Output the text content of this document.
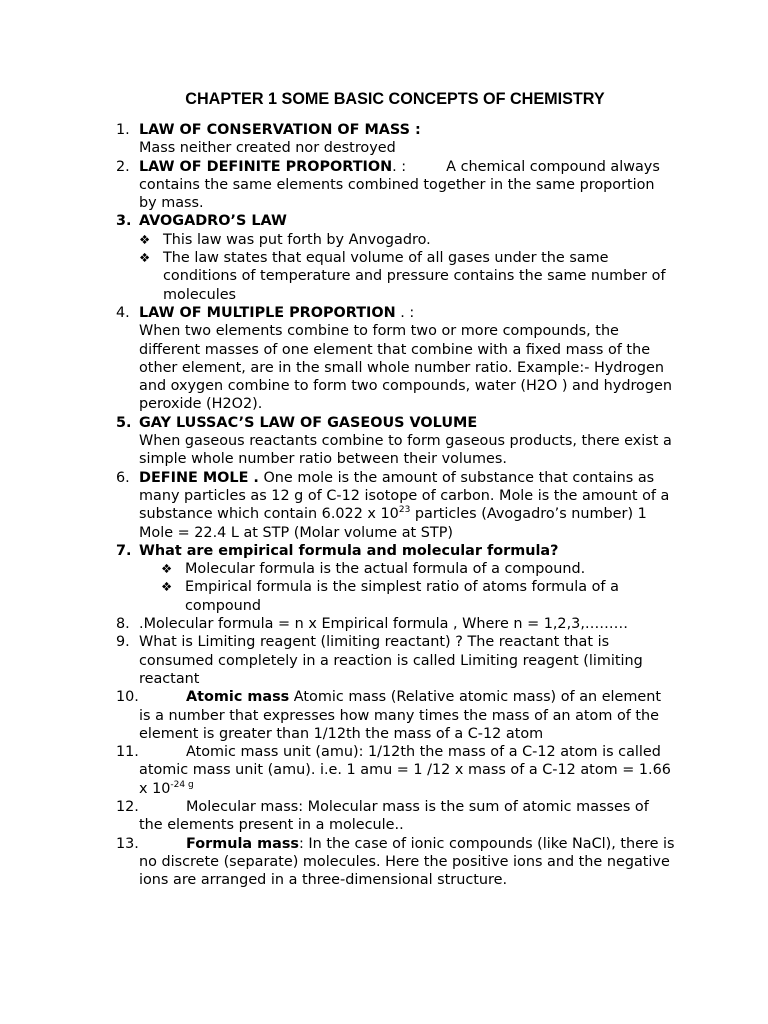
CHAPTER 1 SOME BASIC CONCEPTS OF CHEMISTRY
1. LAW OF CONSERVATION OF MASS :
Mass neither created nor destroyed
2. LAW OF DEFINITE PROPORTION. :	A chemical compound always contains the same elements combined together in the same proportion by mass.
3. AVOGADRO’S LAW
❖ This law was put forth by Anvogadro.
❖ The law states that equal volume of all gases under the same conditions of temperature and pressure contains the same number of molecules
4. LAW OF MULTIPLE PROPORTION . :
When two elements combine to form two or more compounds, the different masses of one element that combine with a fixed mass of the other element, are in the small whole number ratio. Example:- Hydrogen and oxygen combine to form two compounds, water (H2O ) and hydrogen peroxide (H2O2).
5. GAY LUSSAC’S LAW OF GASEOUS VOLUME
When gaseous reactants combine to form gaseous products, there exist a simple whole number ratio between their volumes.
6. DEFINE MOLE . One mole is the amount of substance that contains as many particles as 12 g of C-12 isotope of carbon. Mole is the amount of a substance which contain 6.022 x $10^{23}$ particles (Avogadro’s number) 1 Mole = 22.4 L at STP (Molar volume at STP)
7. What are empirical formula and molecular formula?
❖ Molecular formula is the actual formula of a compound.
❖ Empirical formula is the simplest ratio of atoms formula of a compound
8. .Molecular formula = n x Empirical formula , Where n = 1,2,3,………
9. What is Limiting reagent (limiting reactant) ? The reactant that is consumed completely in a reaction is called Limiting reagent (limiting reactant
10.	Atomic mass Atomic mass (Relative atomic mass) of an element is a number that expresses how many times the mass of an atom of the element is greater than 1/12th the mass of a C-12 atom
11.	Atomic mass unit (amu): 1/12th the mass of a C-12 atom is called atomic mass unit (amu). i.e. 1 amu = 1 /12 x mass of a C-12 atom = 1.66 x $10^{-24 g}$
12.	Molecular mass: Molecular mass is the sum of atomic masses of the elements present in a molecule..
13.	Formula mass: In the case of ionic compounds (like NaCl), there is no discrete (separate) molecules. Here the positive ions and the negative ions are arranged in a three-dimensional structure.
